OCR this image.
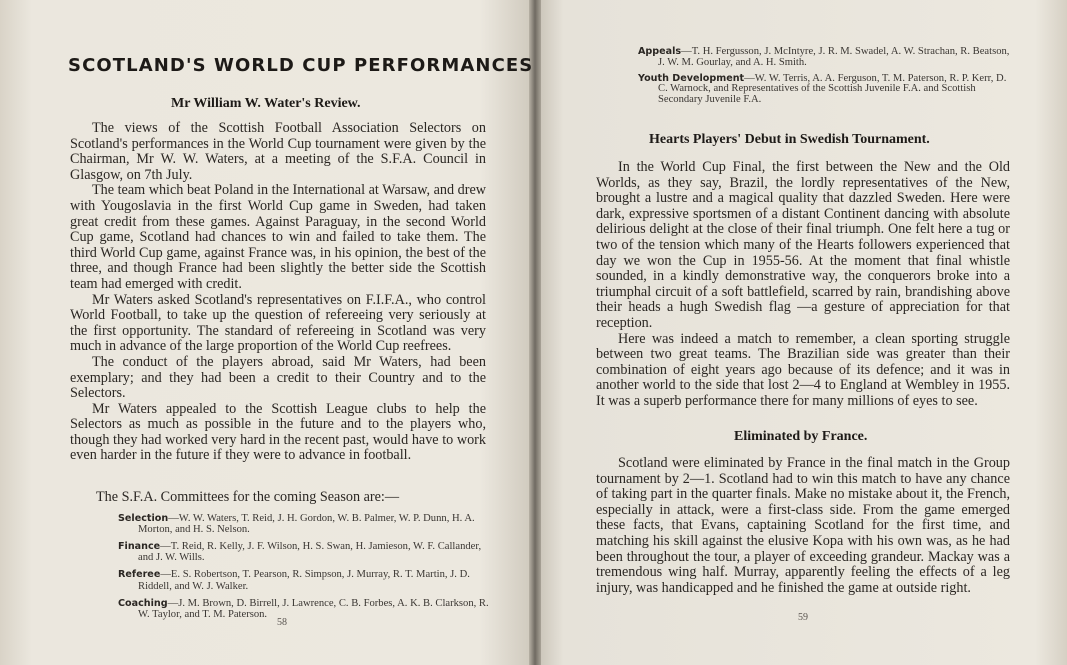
SCOTLAND'S WORLD CUP PERFORMANCES
Mr William W. Water's Review.

The views of the Scottish Football Association Selectors on Scotland's performances in the World Cup tournament were given by the Chairman, Mr W. W. Waters, at a meeting of the S.F.A. Council in Glasgow, on 7th July.

The team which beat Poland in the International at Warsaw, and drew with Yougoslavia in the first World Cup game in Sweden, had taken great credit from these games. Against Paraguay, in the second World Cup game, Scotland had chances to win and failed to take them. The third World Cup game, against France was, in his opinion, the best of the three, and though France had been slightly the better side the Scottish team had emerged with credit.

Mr Waters asked Scotland's representatives on F.I.F.A., who control World Football, to take up the question of refereeing very seriously at the first opportunity. The standard of refereeing in Scotland was very much in advance of the large proportion of the World Cup reefrees.

The conduct of the players abroad, said Mr Waters, had been exemplary; and they had been a credit to their Country and to the Selectors.

Mr Waters appealed to the Scottish League clubs to help the Selectors as much as possible in the future and to the players who, though they had worked very hard in the recent past, would have to work even harder in the future if they were to advance in football.

The S.F.A. Committees for the coming Season are:—
Selection—W. W. Waters, T. Reid, J. H. Gordon, W. B. Palmer, W. P. Dunn, H. A. Morton, and H. S. Nelson.
Finance—T. Reid, R. Kelly, J. F. Wilson, H. S. Swan, H. Jamieson, W. F. Callander, and J. W. Wills.
Referee—E. S. Robertson, T. Pearson, R. Simpson, J. Murray, R. T. Martin, J. D. Riddell, and W. J. Walker.
Coaching—J. M. Brown, D. Birrell, J. Lawrence, C. B. Forbes, A. K. B. Clarkson, R. W. Taylor, and T. M. Paterson.
58
Appeals—T. H. Fergusson, J. McIntyre, J. R. M. Swadel, A. W. Strachan, R. Beatson, J. W. M. Gourlay, and A. H. Smith.
Youth Development—W. W. Terris, A. A. Ferguson, T. M. Paterson, R. P. Kerr, D. C. Warnock, and Representatives of the Scottish Juvenile F.A. and Scottish Secondary Juvenile F.A.
Hearts Players' Debut in Swedish Tournament.

In the World Cup Final, the first between the New and the Old Worlds, as they say, Brazil, the lordly representatives of the New, brought a lustre and a magical quality that dazzled Sweden. Here were dark, expressive sportsmen of a distant Continent dancing with absolute delirious delight at the close of their final triumph. One felt here a tug or two of the tension which many of the Hearts followers experienced that day we won the Cup in 1955-56. At the moment that final whistle sounded, in a kindly demonstrative way, the conquerors broke into a triumphal circuit of a soft battlefield, scarred by rain, brandishing above their heads a hugh Swedish flag —a gesture of appreciation for that reception.

Here was indeed a match to remember, a clean sporting struggle between two great teams. The Brazilian side was greater than their combination of eight years ago because of its defence; and it was in another world to the side that lost 2—4 to England at Wembley in 1955. It was a superb performance there for many millions of eyes to see.

Eliminated by France.

Scotland were eliminated by France in the final match in the Group tournament by 2—1. Scotland had to win this match to have any chance of taking part in the quarter finals. Make no mistake about it, the French, especially in attack, were a first-class side. From the game emerged these facts, that Evans, captaining Scotland for the first time, and matching his skill against the elusive Kopa with his own was, as he had been throughout the tour, a player of exceeding grandeur. Mackay was a tremendous wing half. Murray, apparently feeling the effects of a leg injury, was handicapped and he finished the game at outside right.

59
